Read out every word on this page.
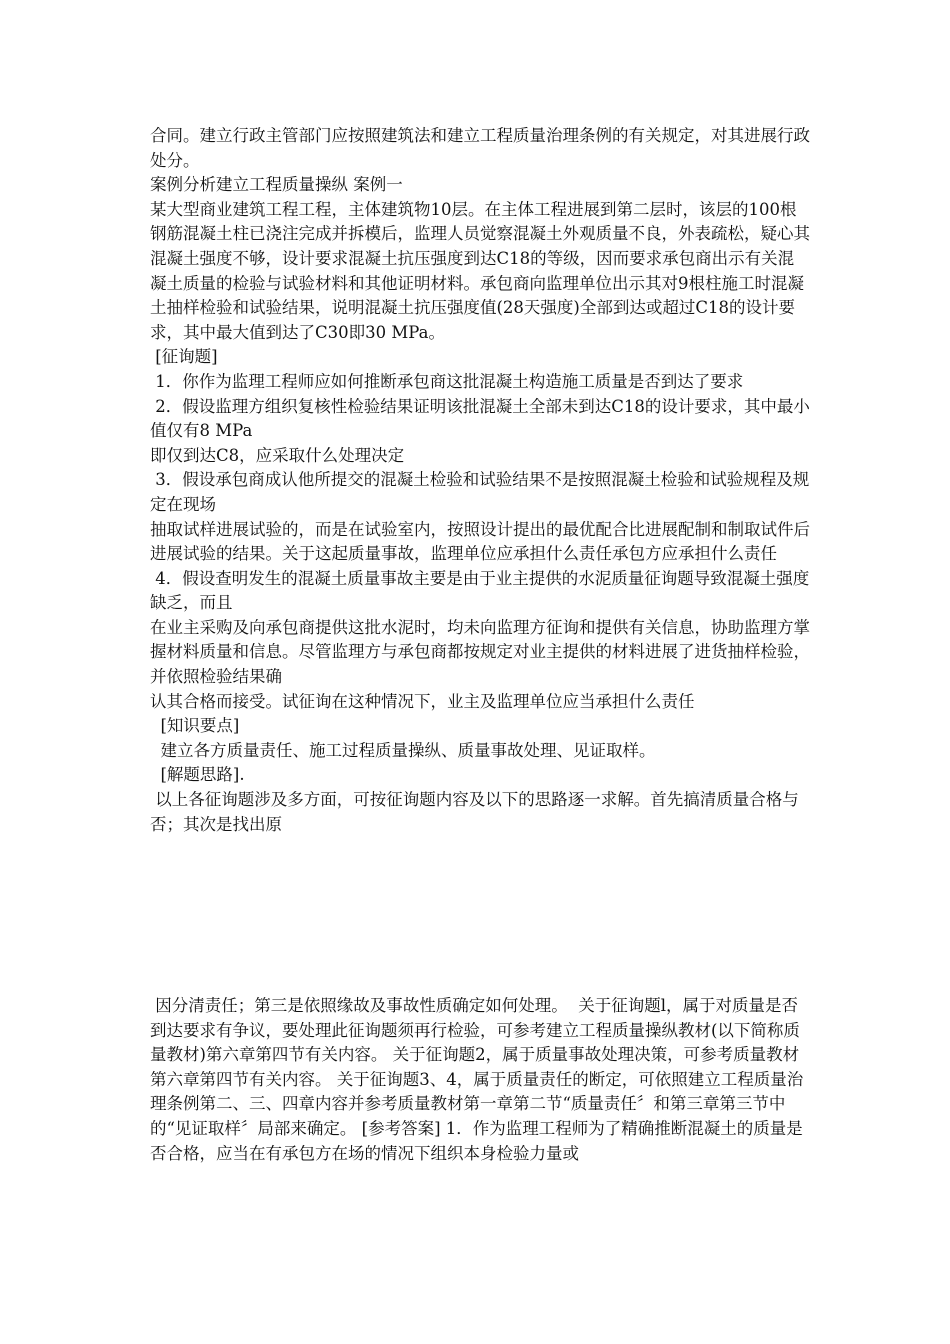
合同。建立行政主管部门应按照建筑法和建立工程质量治理条例的有关规定，对其进展行政处分。

案例分析建立工程质量操纵 案例一

某大型商业建筑工程工程，主体建筑物10层。在主体工程进展到第二层时，该层的100根钢筋混凝土柱已浇注完成并拆模后，监理人员觉察混凝土外观质量不良，外表疏松，疑心其混凝土强度不够，设计要求混凝土抗压强度到达C18的等级，因而要求承包商出示有关混凝土质量的检验与试验材料和其他证明材料。承包商向监理单位出示其对9根柱施工时混凝土抽样检验和试验结果，说明混凝土抗压强度值(28天强度)全部到达或超过C18的设计要求，其中最大值到达了C30即30 MPa。

[征询题]

1．你作为监理工程师应如何推断承包商这批混凝土构造施工质量是否到达了要求

2．假设监理方组织复核性检验结果证明该批混凝土全部未到达C18的设计要求，其中最小值仅有8 MPa

即仅到达C8，应采取什么处理决定

3．假设承包商成认他所提交的混凝土检验和试验结果不是按照混凝土检验和试验规程及规定在现场

抽取试样进展试验的，而是在试验室内，按照设计提出的最优配合比进展配制和制取试件后进展试验的结果。关于这起质量事故，监理单位应承担什么责任承包方应承担什么责任

4．假设查明发生的混凝土质量事故主要是由于业主提供的水泥质量征询题导致混凝土强度缺乏，而且

在业主采购及向承包商提供这批水泥时，均未向监理方征询和提供有关信息，协助监理方掌握材料质量和信息。尽管监理方与承包商都按规定对业主提供的材料进展了进货抽样检验，并依照检验结果确

认其合格而接受。试征询在这种情况下，业主及监理单位应当承担什么责任

[知识要点]

建立各方质量责任、施工过程质量操纵、质量事故处理、见证取样。

[解题思路].

以上各征询题涉及多方面，可按征询题内容及以下的思路逐一求解。首先搞清质量合格与否；其次是找出原

因分清责任；第三是依照缘故及事故性质确定如何处理。  关于征询题l，属于对质量是否到达要求有争议，要处理此征询题须再行检验，可参考建立工程质量操纵教材(以下简称质量教材)第六章第四节有关内容。 关于征询题2，属于质量事故处理决策，可参考质量教材第六章第四节有关内容。 关于征询题3、4，属于质量责任的断定，可依照建立工程质量治理条例第二、三、四章内容并参考质量教材第一章第二节“质量责任〞和第三章第三节中的“见证取样〞局部来确定。 [参考答案] 1．作为监理工程师为了精确推断混凝土的质量是否合格，应当在有承包方在场的情况下组织本身检验力量或
